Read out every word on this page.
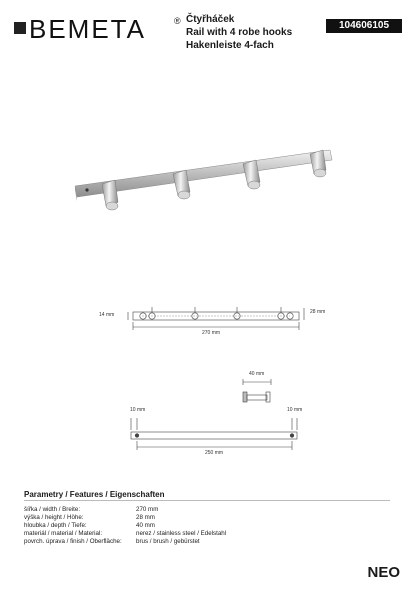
BEMETA	® Čtyřháček
Rail with 4 robe hooks
Hakenleiste 4-fach
104606105
14 mm	28 mm
270 mm
40 mm
10 mm	10 mm
250 mm
Parametry / Features / Eigenschaften
šířka / width / Breite:	270 mm
výška / height / Höhe:	28 mm
hloubka / depth / Tiefe:	40 mm
materiál / material / Material:	nerez / stainless steel / Edelstahl
povrch. úprava / finish / Oberfläche: brus / brush / gebürstet
NEO
